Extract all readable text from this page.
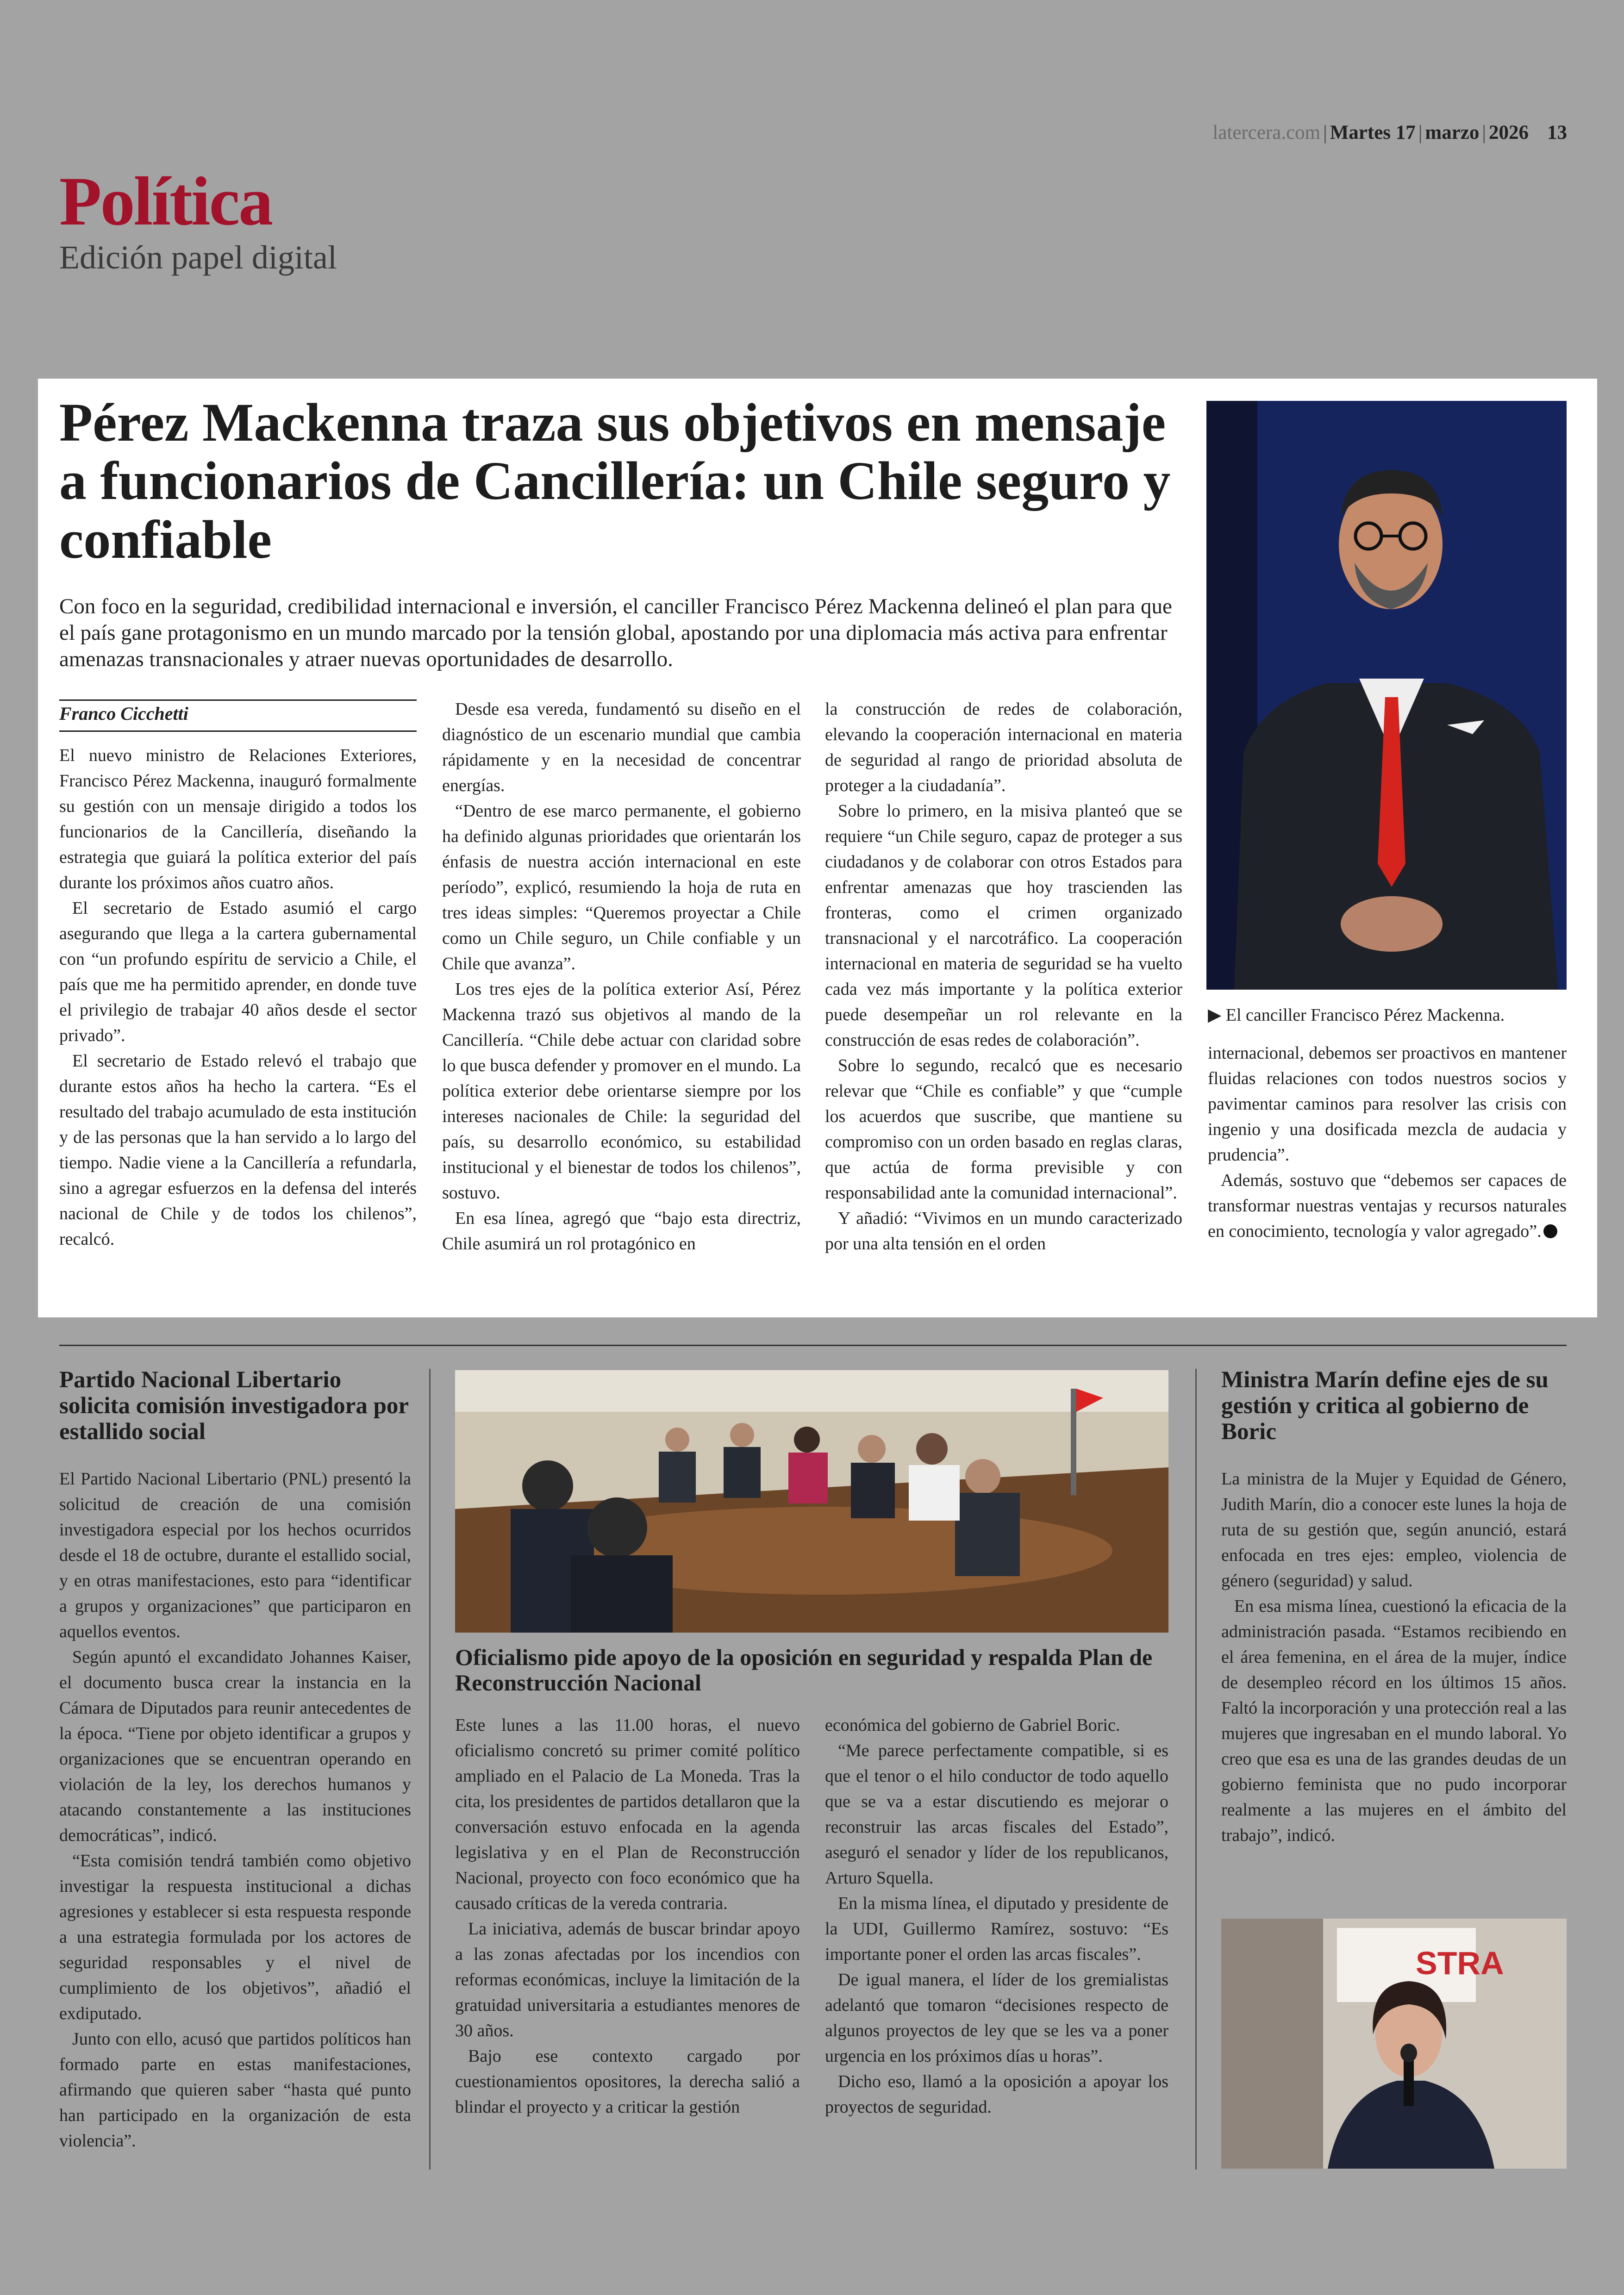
latercera.com | Martes 17 | marzo | 2026 13
Política
Edición papel digital
Pérez Mackenna traza sus objetivos en mensaje a funcionarios de Cancillería: un Chile seguro y confiable
Con foco en la seguridad, credibilidad internacional e inversión, el canciller Francisco Pérez Mackenna delineó el plan para que el país gane protagonismo en un mundo marcado por la tensión global, apostando por una diplomacia más activa para enfrentar amenazas transnacionales y atraer nuevas oportunidades de desarrollo.
Franco Cicchetti

El nuevo ministro de Relaciones Exteriores, Francisco Pérez Mackenna, inauguró formalmente su gestión con un mensaje dirigido a todos los funcionarios de la Cancillería, diseñando la estrategia que guiará la política exterior del país durante los próximos años cuatro años.

El secretario de Estado asumió el cargo asegurando que llega a la cartera gubernamental con “un profundo espíritu de servicio a Chile, el país que me ha permitido aprender, en donde tuve el privilegio de trabajar 40 años desde el sector privado”.

El secretario de Estado relevó el trabajo que durante estos años ha hecho la cartera. “Es el resultado del trabajo acumulado de esta institución y de las personas que la han servido a lo largo del tiempo. Nadie viene a la Cancillería a refundarla, sino a agregar esfuerzos en la defensa del interés nacional de Chile y de todos los chilenos”, recalcó.

Desde esa vereda, fundamentó su diseño en el diagnóstico de un escenario mundial que cambia rápidamente y en la necesidad de concentrar energías.

“Dentro de ese marco permanente, el gobierno ha definido algunas prioridades que orientarán los énfasis de nuestra acción internacional en este período”, explicó, resumiendo la hoja de ruta en tres ideas simples: “Queremos proyectar a Chile como un Chile seguro, un Chile confiable y un Chile que avanza”.

Los tres ejes de la política exterior Así, Pérez Mackenna trazó sus objetivos al mando de la Cancillería. “Chile debe actuar con claridad sobre lo que busca defender y promover en el mundo. La política exterior debe orientarse siempre por los intereses nacionales de Chile: la seguridad del país, su desarrollo económico, su estabilidad institucional y el bienestar de todos los chilenos”, sostuvo.

En esa línea, agregó que “bajo esta directriz, Chile asumirá un rol protagónico en

la construcción de redes de colaboración, elevando la cooperación internacional en materia de seguridad al rango de prioridad absoluta de proteger a la ciudadanía”.

Sobre lo primero, en la misiva planteó que se requiere “un Chile seguro, capaz de proteger a sus ciudadanos y de colaborar con otros Estados para enfrentar amenazas que hoy trascienden las fronteras, como el crimen organizado transnacional y el narcotráfico. La cooperación internacional en materia de seguridad se ha vuelto cada vez más importante y la política exterior puede desempeñar un rol relevante en la construcción de esas redes de colaboración”.

Sobre lo segundo, recalcó que es necesario relevar que “Chile es confiable” y que “cumple los acuerdos que suscribe, que mantiene su compromiso con un orden basado en reglas claras, que actúa de forma previsible y con responsabilidad ante la comunidad internacional”.

Y añadió: “Vivimos en un mundo caracterizado por una alta tensión en el orden

▶ El canciller Francisco Pérez Mackenna.

internacional, debemos ser proactivos en mantener fluidas relaciones con todos nuestros socios y pavimentar caminos para resolver las crisis con ingenio y una dosificada mezcla de audacia y prudencia”.

Además, sostuvo que “debemos ser capaces de transformar nuestras ventajas y recursos naturales en conocimiento, tecnología y valor agregado”.

Partido Nacional Libertario solicita comisión investigadora por estallido social

El Partido Nacional Libertario (PNL) presentó la solicitud de creación de una comisión investigadora especial por los hechos ocurridos desde el 18 de octubre, durante el estallido social, y en otras manifestaciones, esto para “identificar a grupos y organizaciones” que participaron en aquellos eventos.

Según apuntó el excandidato Johannes Kaiser, el documento busca crear la instancia en la Cámara de Diputados para reunir antecedentes de la época. “Tiene por objeto identificar a grupos y organizaciones que se encuentran operando en violación de la ley, los derechos humanos y atacando constantemente a las instituciones democráticas”, indicó.

“Esta comisión tendrá también como objetivo investigar la respuesta institucional a dichas agresiones y establecer si esta respuesta responde a una estrategia formulada por los actores de seguridad responsables y el nivel de cumplimiento de los objetivos”, añadió el exdiputado.

Junto con ello, acusó que partidos políticos han formado parte en estas manifestaciones, afirmando que quieren saber “hasta qué punto han participado en la organización de esta violencia”.

Oficialismo pide apoyo de la oposición en seguridad y respalda Plan de Reconstrucción Nacional

Este lunes a las 11.00 horas, el nuevo oficialismo concretó su primer comité político ampliado en el Palacio de La Moneda. Tras la cita, los presidentes de partidos detallaron que la conversación estuvo enfocada en la agenda legislativa y en el Plan de Reconstrucción Nacional, proyecto con foco económico que ha causado críticas de la vereda contraria.

La iniciativa, además de buscar brindar apoyo a las zonas afectadas por los incendios con reformas económicas, incluye la limitación de la gratuidad universitaria a estudiantes menores de 30 años.

Bajo ese contexto cargado por cuestionamientos opositores, la derecha salió a blindar el proyecto y a criticar la gestión

económica del gobierno de Gabriel Boric.

“Me parece perfectamente compatible, si es que el tenor o el hilo conductor de todo aquello que se va a estar discutiendo es mejorar o reconstruir las arcas fiscales del Estado”, aseguró el senador y líder de los republicanos, Arturo Squella.

En la misma línea, el diputado y presidente de la UDI, Guillermo Ramírez, sostuvo: “Es importante poner el orden las arcas fiscales”.

De igual manera, el líder de los gremialistas adelantó que tomaron “decisiones respecto de algunos proyectos de ley que se les va a poner urgencia en los próximos días u horas”.

Dicho eso, llamó a la oposición a apoyar los proyectos de seguridad.

Ministra Marín define ejes de su gestión y critica al gobierno de Boric

La ministra de la Mujer y Equidad de Género, Judith Marín, dio a conocer este lunes la hoja de ruta de su gestión que, según anunció, estará enfocada en tres ejes: empleo, violencia de género (seguridad) y salud.

En esa misma línea, cuestionó la eficacia de la administración pasada. “Estamos recibiendo en el área femenina, en el área de la mujer, índice de desempleo récord en los últimos 15 años. Faltó la incorporación y una protección real a las mujeres que ingresaban en el mundo laboral. Yo creo que esa es una de las grandes deudas de un gobierno feminista que no pudo incorporar realmente a las mujeres en el ámbito del trabajo”, indicó.

STRA
